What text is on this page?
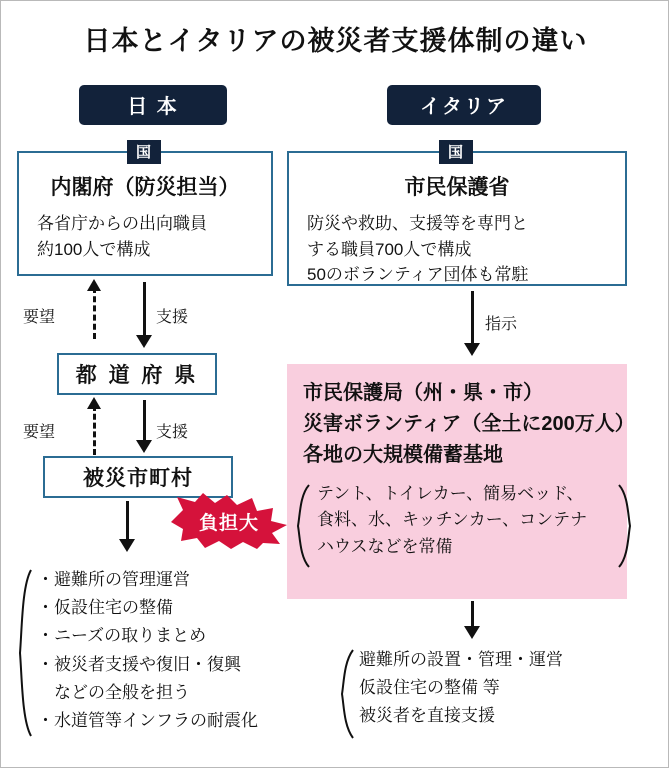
日本とイタリアの被災者支援体制の違い
日 本	イタリア
国
内閣府（防災担当）
各省庁からの出向職員
約100人で構成
要望	支援
都 道 府 県
要望	支援
被災市町村
負担大
・避難所の管理運営
・仮設住宅の整備
・ニーズの取りまとめ
・被災者支援や復旧・復興
　などの全般を担う
・水道管等インフラの耐震化
国
市民保護省
防災や救助、支援等を専門と
する職員700人で構成
50のボランティア団体も常駐
指示
市民保護局（州・県・市）
災害ボランティア（全土に200万人）
各地の大規模備蓄基地
テント、トイレカー、簡易ベッド、
食料、水、キッチンカー、コンテナ
ハウスなどを常備
避難所の設置・管理・運営
仮設住宅の整備 等
被災者を直接支援
